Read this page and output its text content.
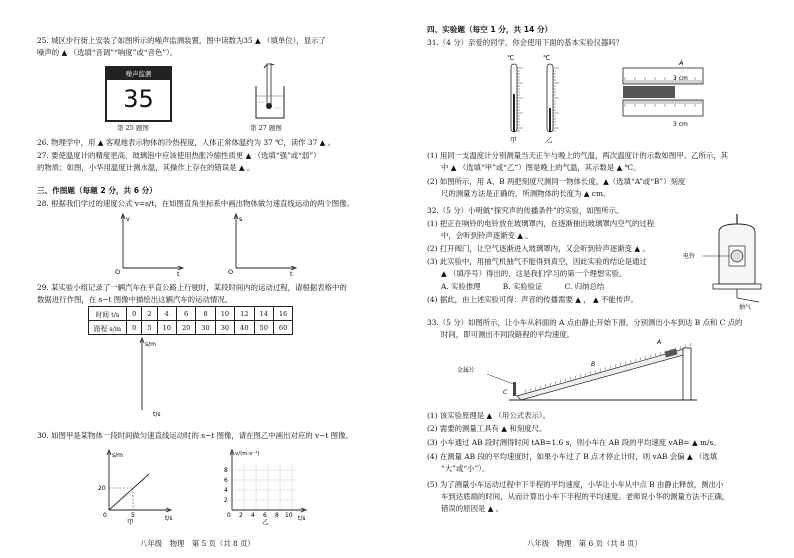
25. 城区步行街上安装了如图所示的噪声监测装置，图中读数为35 ▲ （填单位），显示了
噪声的 ▲ （选填“音调”“响度”或“音色”）。
噪声监测
35
第 25 题图	第 27 题图
26. 物理学中，用 ▲ 客观地表示物体的冷热程度，人体正常体温约为 37 ℃，读作 37 ▲ 。
27. 要使温度计的精度更高，玻璃泡中应该使用热胀冷缩性质更 ▲ （选填“强”或“弱”）
的物质；如图，小华用温度计测水温，其操作上存在的错误是 ▲ 。
三、作图题（每题 2 分，共 6 分）
28. 根据我们学过的速度公式 v=s/t，在如图直角坐标系中画出物体做匀速直线运动的两个图像。
v
O	t
s
O	t
29. 某实验小组记录了一辆汽车在平直公路上行驶时，某段时间内的运动过程，请根据表格中的
数据进行作图，在 s−t 图像中描绘出这辆汽车的运动情况。
时间 t/s	0	2	4	6	8	10	12	14	16
路程 s/m	0	5	10	20	30	30	40	50	60
s/m
t/s
30. 如图甲是某物体一段时间做匀速直线运动时的 s−t 图像，请在图乙中画出对应的 v−t 图像。
s/m
t/s
20
0	5
甲
v/(m·s⁻¹)
t/s
8
6
4
2
0 2 4 6 8 10
乙
八年级　物理　第 5 页（共 8 页）
四、实验题（每空 1 分，共 14 分）
31.（4 分）亲爱的同学，你会使用下面的基本实验仪器吗？
℃	℃
甲	乙
A
3 cm
3 cm
(1) 用同一支温度计分别测量当天正午与晚上的气温，两次温度计的示数如图甲、乙所示，其
中 ▲ （选填“甲”或“乙”）图是晚上的气温，其示数是 ▲ ℃。
(2) 如图所示，用 A、B 两把刻度尺测同一物体长度，▲（选填“A”或“B”）刻度
尺的测量方法是正确的，所测物体的长度为 ▲ cm。
32.（5 分）小明做“探究声的传播条件”的实验，如图所示。
(1) 把正在响铃的电铃放在玻璃罩内，在逐渐抽出玻璃罩内空气的过程
中，会听到铃声逐渐变 ▲ 。
(2) 打开阀门，让空气逐渐进入玻璃罩内，又会听到铃声逐渐变 ▲ 。
(3) 此实验中，用抽气机抽气不能得到真空，因此实验的结论是通过
▲ （填序号）得出的，这是我们学习的第一个理想实验。
A. 实验推理　　　B. 实验验证　　　C. 归纳总结
(4) 据此，由上述实验可得：声音的传播需要 ▲ ， ▲ 不能传声。
电铃
抽气
33.（5 分）如图所示，让小车从斜面的 A 点由静止开始下滑，分别测出小车到达 B 点和 C 点的
时间，即可测出不同段路程的平均速度。
金属片
A
B
C
(1) 该实验原理是 ▲ （用公式表示）。
(2) 需要的测量工具有 ▲ 和刻度尺。
(3) 小车通过 AB 段时测得时间 tAB=1.6 s，则小车在 AB 段的平均速度 vAB= ▲ m/s。
(4) 在测量 AB 段的平均速度时，如果小车过了 B 点才停止计时，则 vAB 会偏 ▲ （选填
“大”或“小”）。
(5) 为了测量小车运动过程中下半程的平均速度，小华让小车从中点 B 由静止释放，测出小
车到达底端的时间，从而计算出小车下半程的平均速度。老师说小华的测量方法不正确，
错误的原因是 ▲ 。
八年级　物理　第 6 页（共 8 页）
